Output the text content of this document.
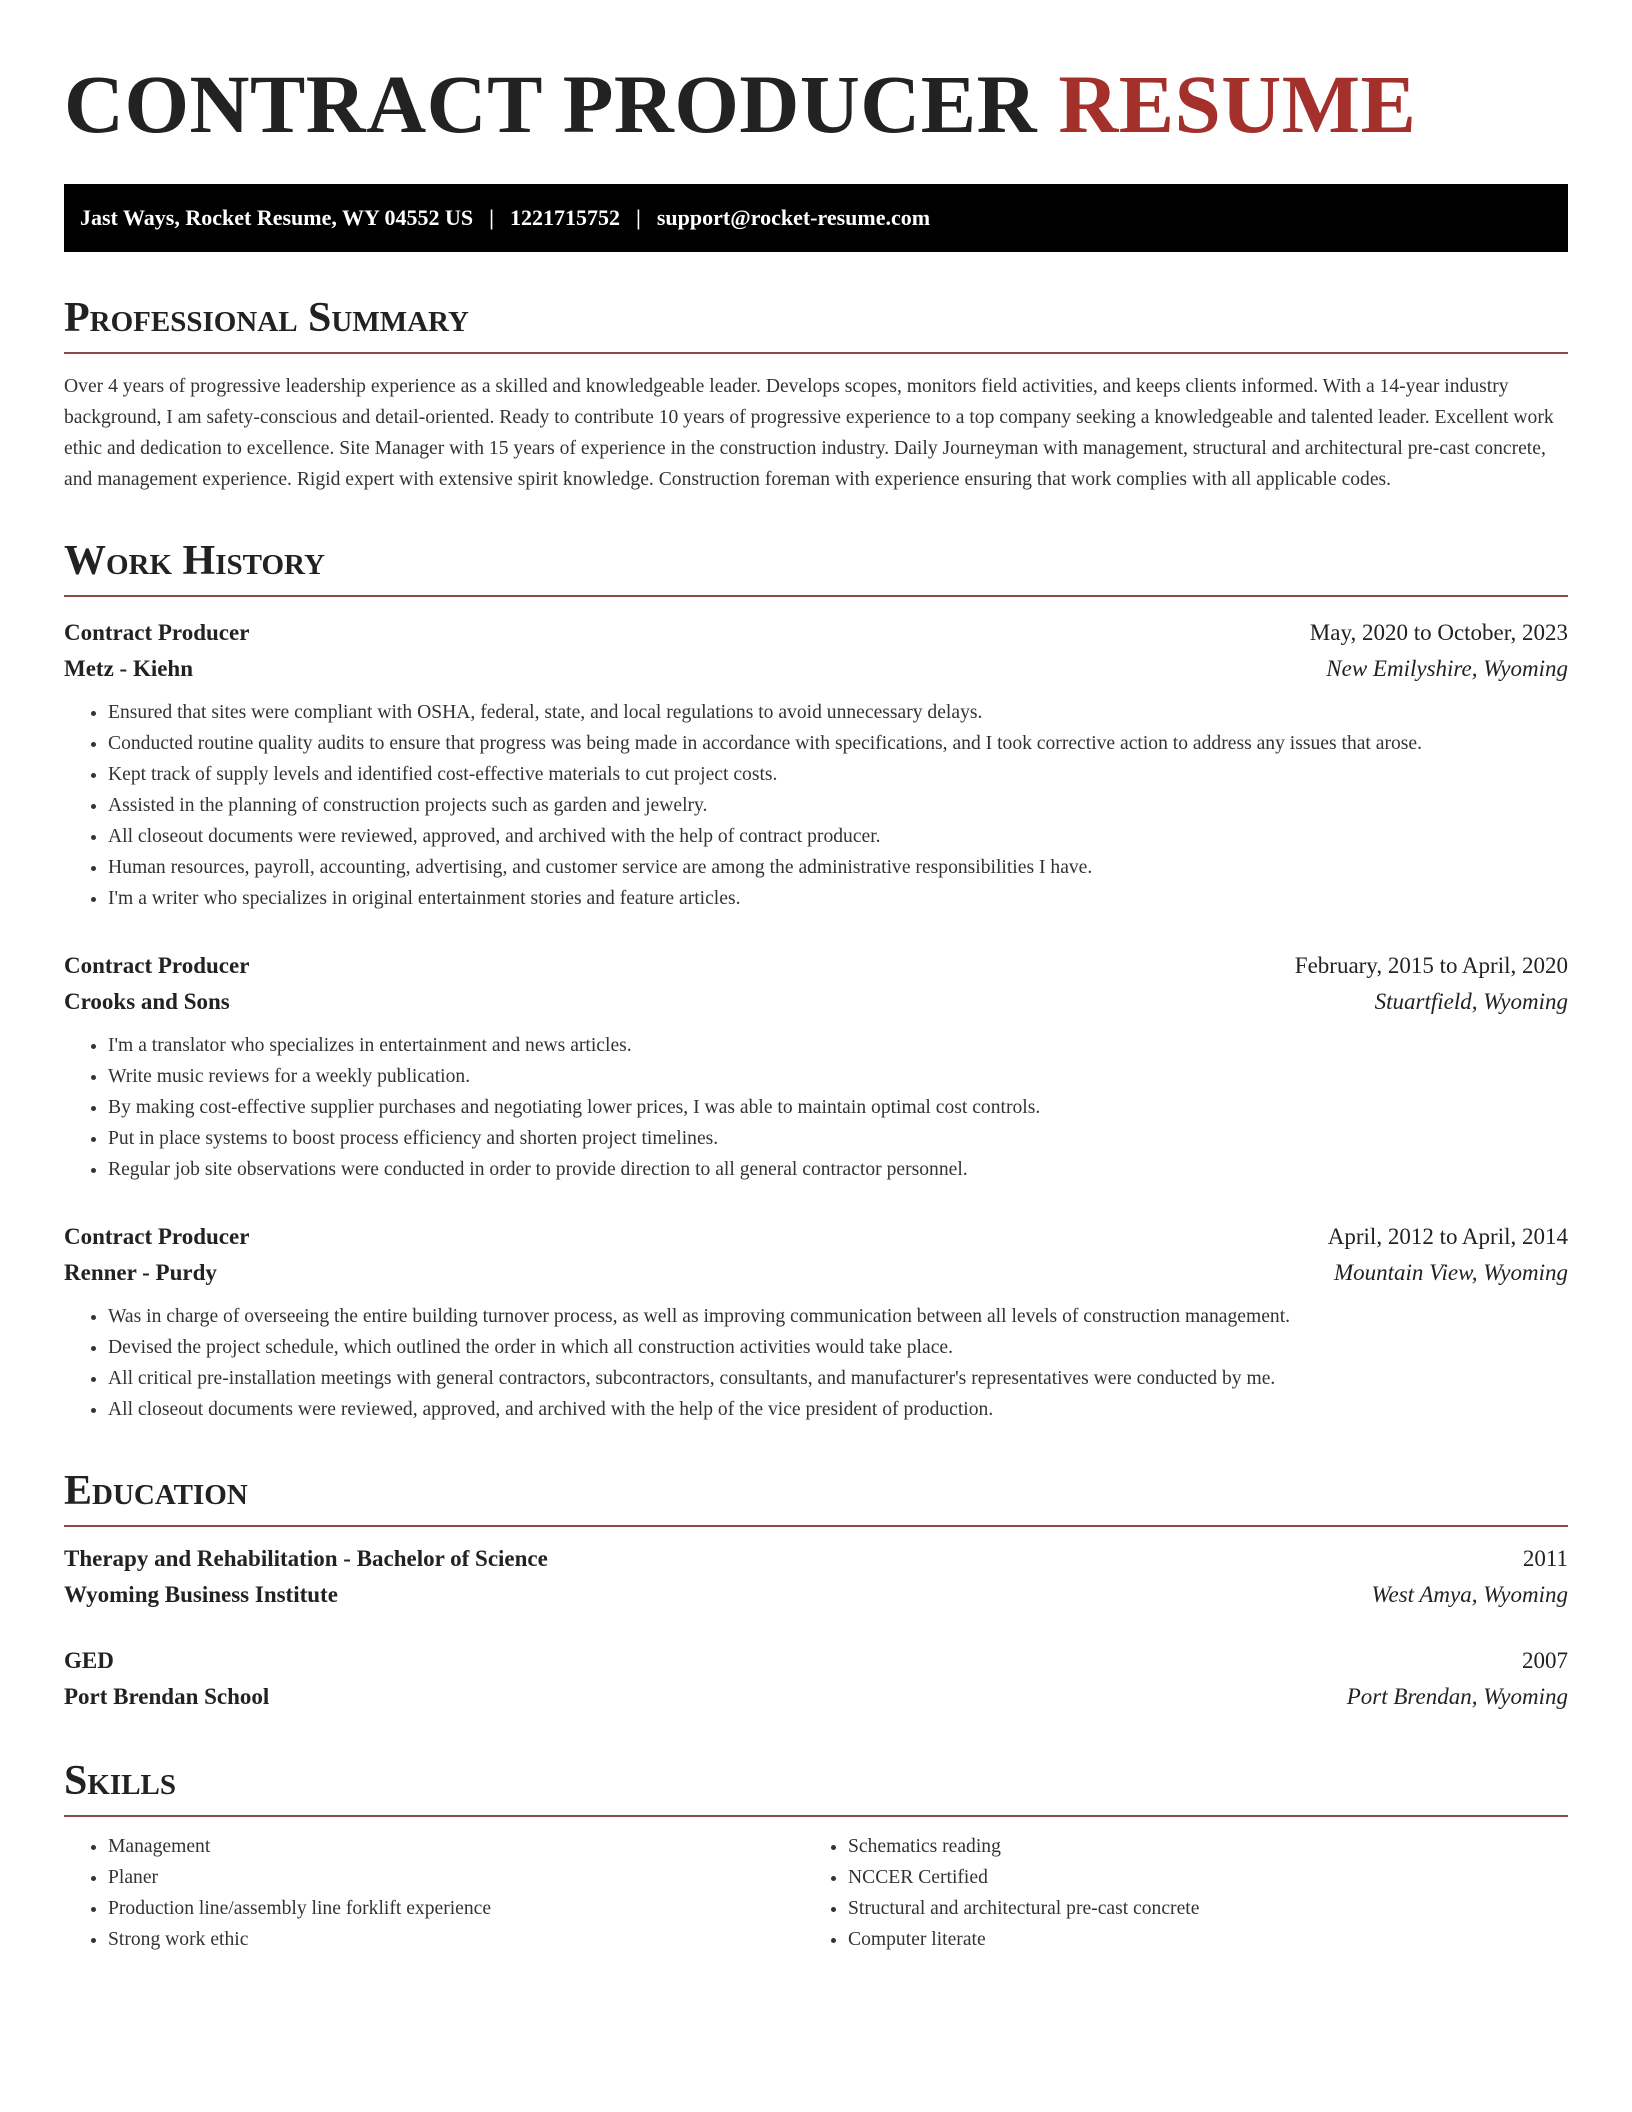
CONTRACT PRODUCER RESUME
Jast Ways, Rocket Resume, WY 04552 US | 1221715752 | support@rocket-resume.com
Professional Summary
Over 4 years of progressive leadership experience as a skilled and knowledgeable leader. Develops scopes, monitors field activities, and keeps clients informed. With a 14-year industry background, I am safety-conscious and detail-oriented. Ready to contribute 10 years of progressive experience to a top company seeking a knowledgeable and talented leader. Excellent work ethic and dedication to excellence. Site Manager with 15 years of experience in the construction industry. Daily Journeyman with management, structural and architectural pre-cast concrete, and management experience. Rigid expert with extensive spirit knowledge. Construction foreman with experience ensuring that work complies with all applicable codes.
Work History
Contract Producer	May, 2020 to October, 2023
Metz - Kiehn	New Emilyshire, Wyoming
• Ensured that sites were compliant with OSHA, federal, state, and local regulations to avoid unnecessary delays.
• Conducted routine quality audits to ensure that progress was being made in accordance with specifications, and I took corrective action to address any issues that arose.
• Kept track of supply levels and identified cost-effective materials to cut project costs.
• Assisted in the planning of construction projects such as garden and jewelry.
• All closeout documents were reviewed, approved, and archived with the help of contract producer.
• Human resources, payroll, accounting, advertising, and customer service are among the administrative responsibilities I have.
• I'm a writer who specializes in original entertainment stories and feature articles.
Contract Producer	February, 2015 to April, 2020
Crooks and Sons	Stuartfield, Wyoming
• I'm a translator who specializes in entertainment and news articles.
• Write music reviews for a weekly publication.
• By making cost-effective supplier purchases and negotiating lower prices, I was able to maintain optimal cost controls.
• Put in place systems to boost process efficiency and shorten project timelines.
• Regular job site observations were conducted in order to provide direction to all general contractor personnel.
Contract Producer	April, 2012 to April, 2014
Renner - Purdy	Mountain View, Wyoming
• Was in charge of overseeing the entire building turnover process, as well as improving communication between all levels of construction management.
• Devised the project schedule, which outlined the order in which all construction activities would take place.
• All critical pre-installation meetings with general contractors, subcontractors, consultants, and manufacturer's representatives were conducted by me.
• All closeout documents were reviewed, approved, and archived with the help of the vice president of production.
Education
Therapy and Rehabilitation - Bachelor of Science	2011
Wyoming Business Institute	West Amya, Wyoming
GED	2007
Port Brendan School	Port Brendan, Wyoming
Skills
• Management
• Planer
• Production line/assembly line forklift experience
• Strong work ethic
• Schematics reading
• NCCER Certified
• Structural and architectural pre-cast concrete
• Computer literate
